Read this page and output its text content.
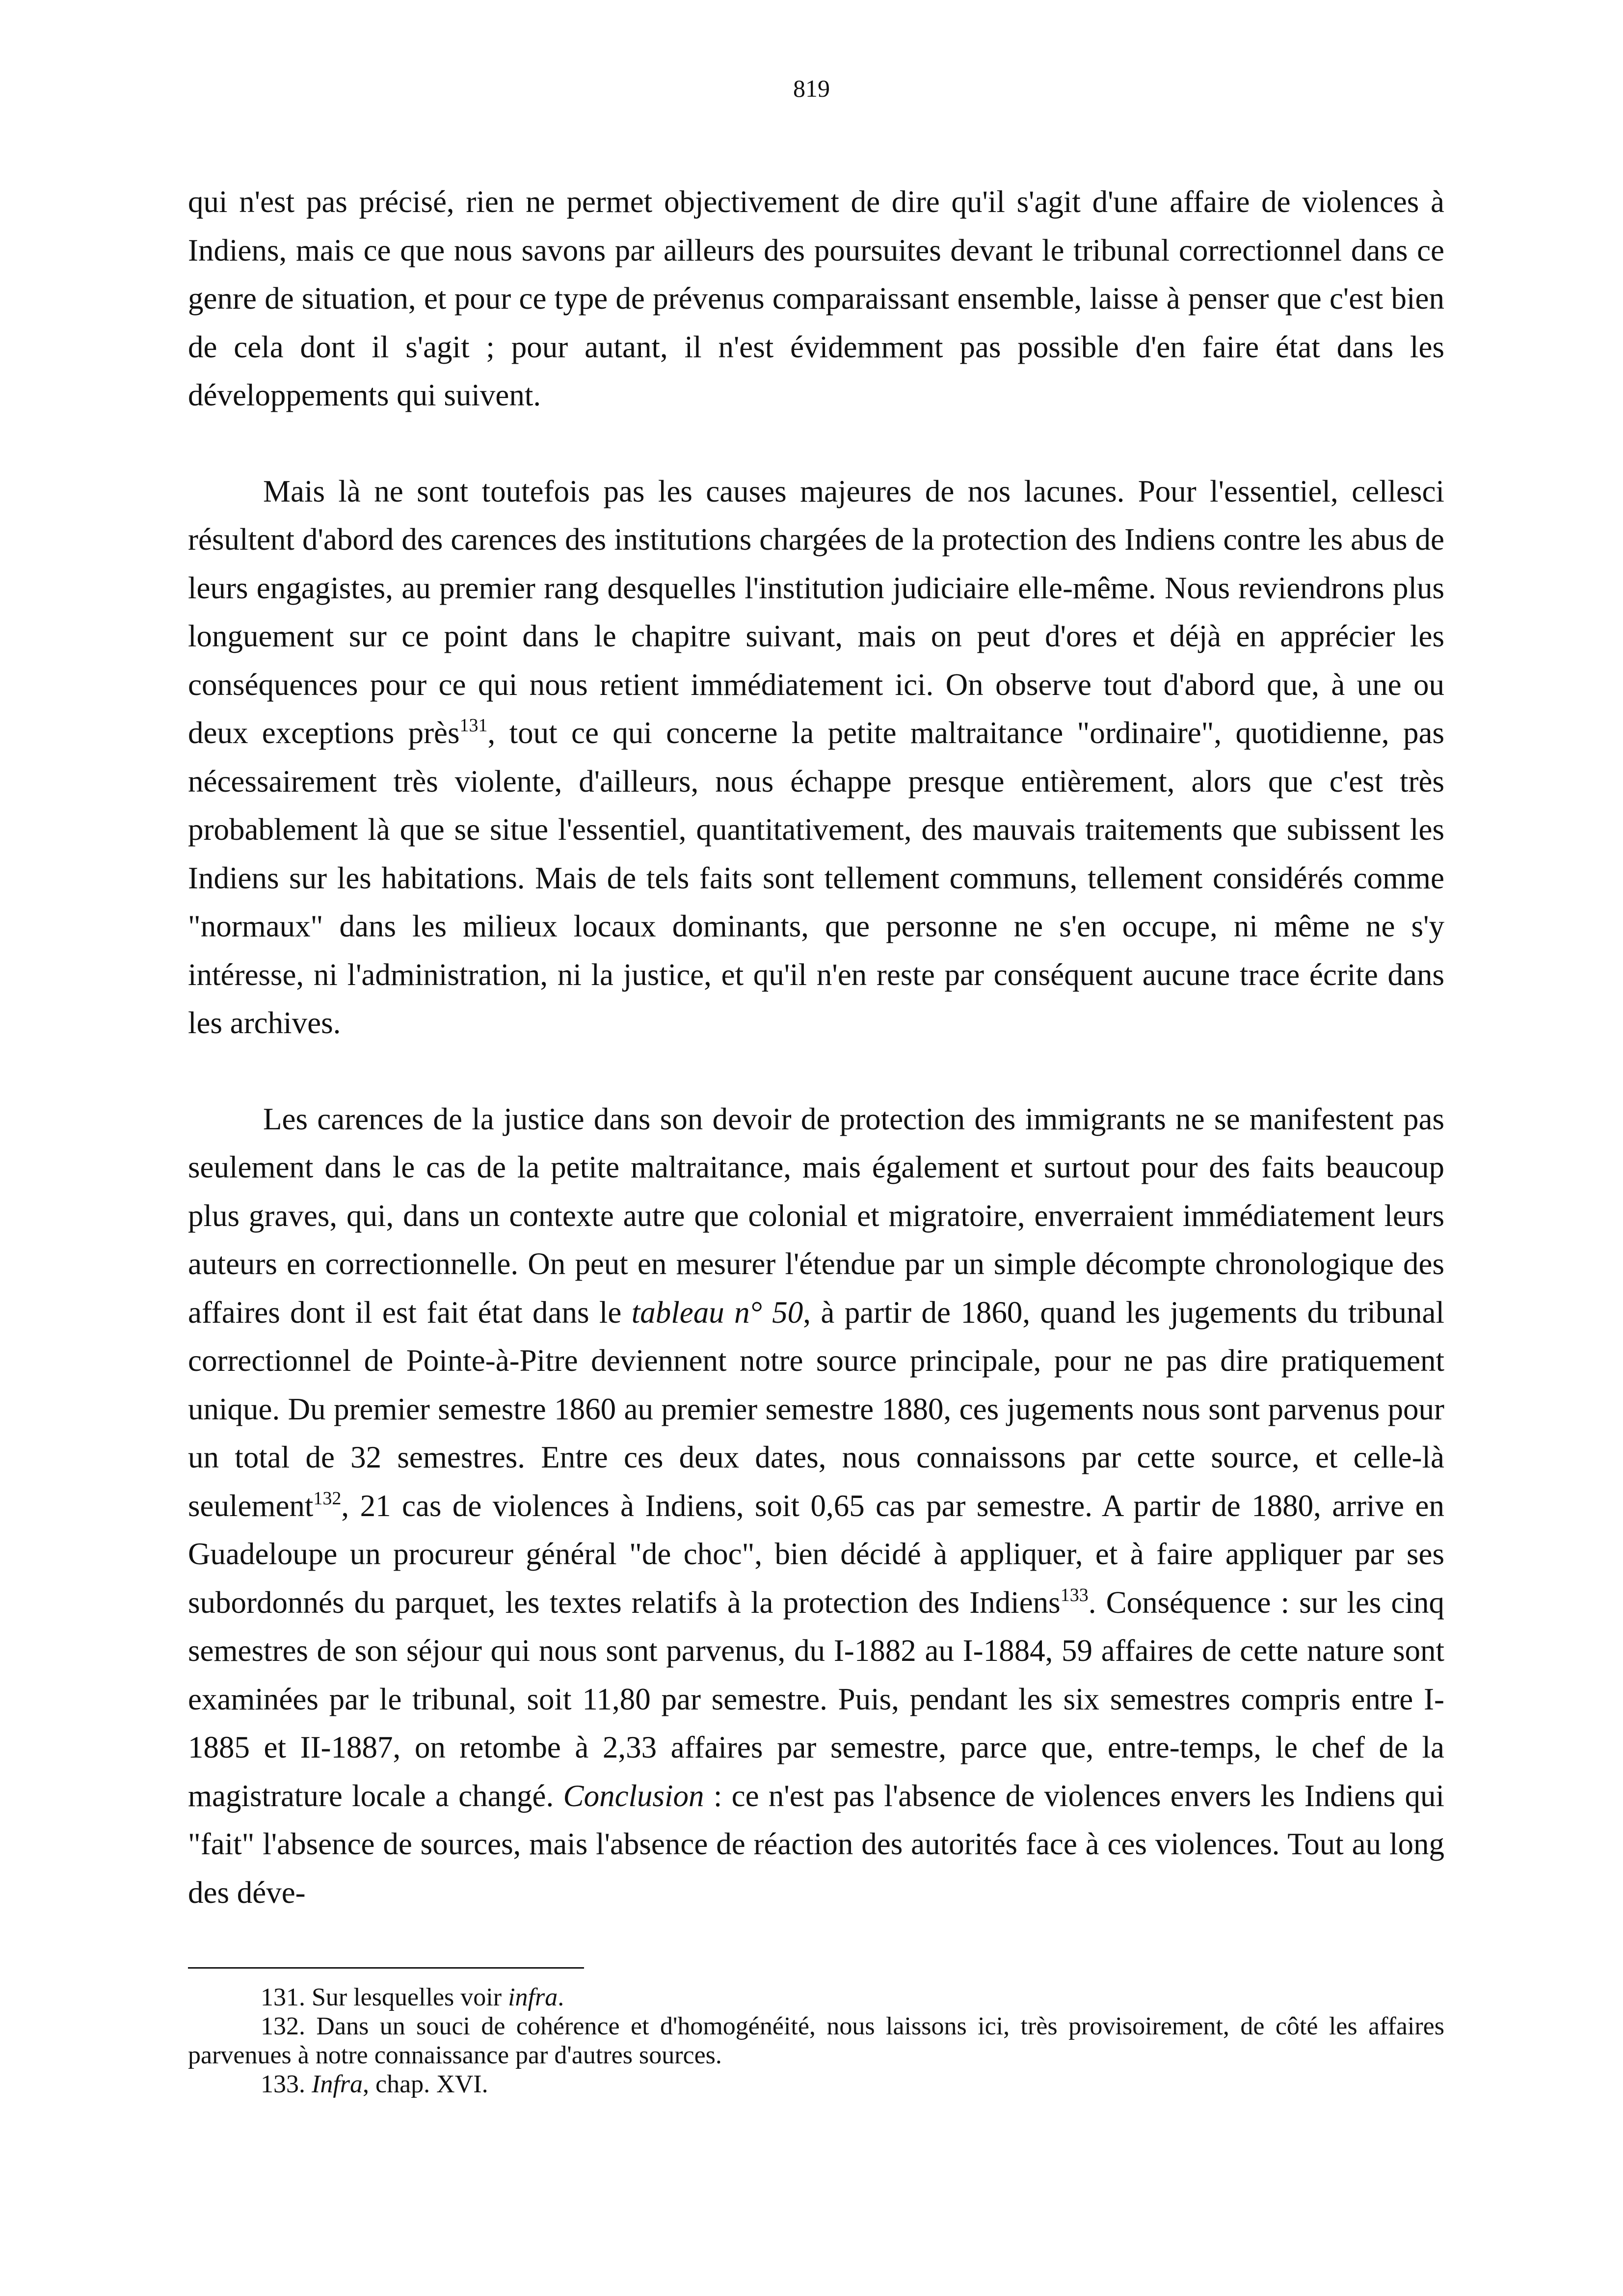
819

qui n'est pas précisé, rien ne permet objectivement de dire qu'il s'agit d'une affaire de violences à Indiens, mais ce que nous savons par ailleurs des poursuites devant le tribunal correctionnel dans ce genre de situation, et pour ce type de prévenus comparaissant ensemble, laisse à penser que c'est bien de cela dont il s'agit ; pour autant, il n'est évidemment pas possible d'en faire état dans les développements qui suivent.

Mais là ne sont toutefois pas les causes majeures de nos lacunes. Pour l'essentiel, cellesci résultent d'abord des carences des institutions chargées de la protection des Indiens contre les abus de leurs engagistes, au premier rang desquelles l'institution judiciaire elle-même. Nous reviendrons plus longuement sur ce point dans le chapitre suivant, mais on peut d'ores et déjà en apprécier les conséquences pour ce qui nous retient immédiatement ici. On observe tout d'abord que, à une ou deux exceptions près$^{131}$, tout ce qui concerne la petite maltraitance "ordinaire", quotidienne, pas nécessairement très violente, d'ailleurs, nous échappe presque entièrement, alors que c'est très probablement là que se situe l'essentiel, quantitativement, des mauvais traitements que subissent les Indiens sur les habitations. Mais de tels faits sont tellement communs, tellement considérés comme "normaux" dans les milieux locaux dominants, que personne ne s'en occupe, ni même ne s'y intéresse, ni l'administration, ni la justice, et qu'il n'en reste par conséquent aucune trace écrite dans les archives.

Les carences de la justice dans son devoir de protection des immigrants ne se manifestent pas seulement dans le cas de la petite maltraitance, mais également et surtout pour des faits beaucoup plus graves, qui, dans un contexte autre que colonial et migratoire, enverraient immédiatement leurs auteurs en correctionnelle. On peut en mesurer l'étendue par un simple décompte chronologique des affaires dont il est fait état dans le tableau n° 50, à partir de 1860, quand les jugements du tribunal correctionnel de Pointe-à-Pitre deviennent notre source principale, pour ne pas dire pratiquement unique. Du premier semestre 1860 au premier semestre 1880, ces jugements nous sont parvenus pour un total de 32 semestres. Entre ces deux dates, nous connaissons par cette source, et celle-là seulement$^{132}$, 21 cas de violences à Indiens, soit 0,65 cas par semestre. A partir de 1880, arrive en Guadeloupe un procureur général "de choc", bien décidé à appliquer, et à faire appliquer par ses subordonnés du parquet, les textes relatifs à la protection des Indiens$^{133}$. Conséquence : sur les cinq semestres de son séjour qui nous sont parvenus, du I-1882 au I-1884, 59 affaires de cette nature sont examinées par le tribunal, soit 11,80 par semestre. Puis, pendant les six semestres compris entre I-1885 et II-1887, on retombe à 2,33 affaires par semestre, parce que, entre-temps, le chef de la magistrature locale a changé. Conclusion : ce n'est pas l'absence de violences envers les Indiens qui "fait" l'absence de sources, mais l'absence de réaction des autorités face à ces violences. Tout au long des déve-

131. Sur lesquelles voir infra.

132. Dans un souci de cohérence et d'homogénéité, nous laissons ici, très provisoirement, de côté les affaires parvenues à notre connaissance par d'autres sources.

133. Infra, chap. XVI.
